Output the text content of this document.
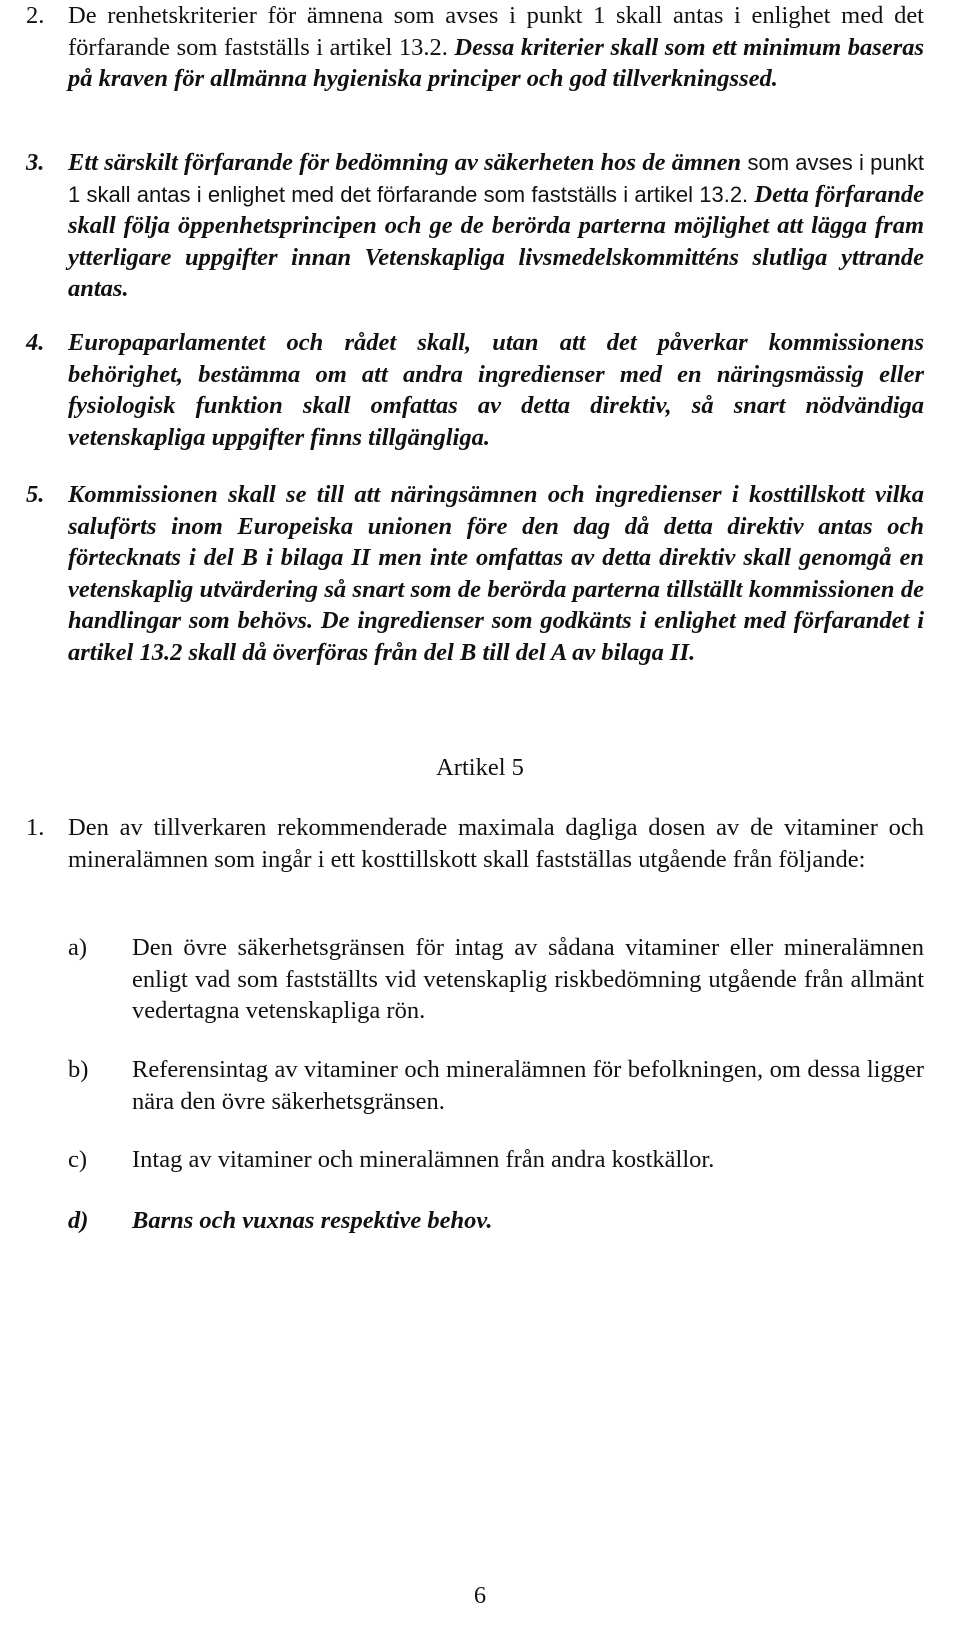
2. De renhetskriterier för ämnena som avses i punkt 1 skall antas i enlighet med det förfarande som fastställs i artikel 13.2. Dessa kriterier skall som ett minimum baseras på kraven för allmänna hygieniska principer och god tillverkningssed.
3. Ett särskilt förfarande för bedömning av säkerheten hos de ämnen som avses i punkt 1 skall antas i enlighet med det förfarande som fastställs i artikel 13.2. Detta förfarande skall följa öppenhetsprincipen och ge de berörda parterna möjlighet att lägga fram ytterligare uppgifter innan Vetenskapliga livsmedelskommitténs slutliga yttrande antas.
4. Europaparlamentet och rådet skall, utan att det påverkar kommissionens behörighet, bestämma om att andra ingredienser med en näringsmässig eller fysiologisk funktion skall omfattas av detta direktiv, så snart nödvändiga vetenskapliga uppgifter finns tillgängliga.
5. Kommissionen skall se till att näringsämnen och ingredienser i kosttillskott vilka saluförts inom Europeiska unionen före den dag då detta direktiv antas och förtecknats i del B i bilaga II men inte omfattas av detta direktiv skall genomgå en vetenskaplig utvärdering så snart som de berörda parterna tillställt kommissionen de handlingar som behövs. De ingredienser som godkänts i enlighet med förfarandet i artikel 13.2 skall då överföras från del B till del A av bilaga II.
Artikel 5
1. Den av tillverkaren rekommenderade maximala dagliga dosen av de vitaminer och mineralämnen som ingår i ett kosttillskott skall fastställas utgående från följande:
a) Den övre säkerhetsgränsen för intag av sådana vitaminer eller mineralämnen enligt vad som fastställts vid vetenskaplig riskbedömning utgående från allmänt vedertagna vetenskapliga rön.
b) Referensintag av vitaminer och mineralämnen för befolkningen, om dessa ligger nära den övre säkerhetsgränsen.
c) Intag av vitaminer och mineralämnen från andra kostkällor.
d) Barns och vuxnas respektive behov.
6
